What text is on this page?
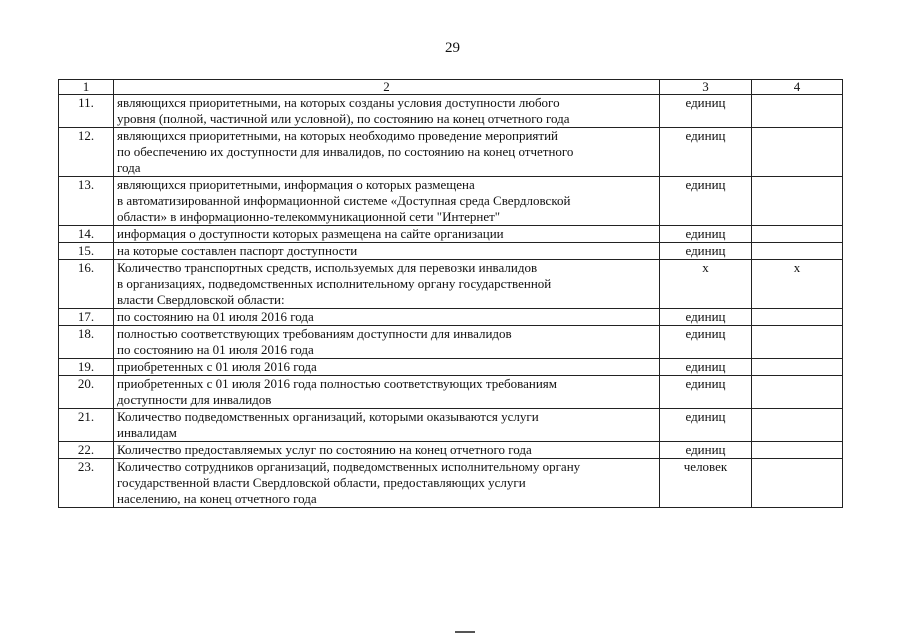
29
1	2	3	4
11.	являющихся приоритетными, на которых созданы условия доступности любого
уровня (полной, частичной или условной), по состоянию на конец отчетного года	единиц	
12.	являющихся приоритетными, на которых необходимо проведение мероприятий
по обеспечению их доступности для инвалидов, по состоянию на конец отчетного
года	единиц	
13.	являющихся приоритетными, информация о которых размещена
в автоматизированной информационной системе «Доступная среда Свердловской
области» в информационно-телекоммуникационной сети "Интернет"	единиц	
14.	информация о доступности которых размещена на сайте организации	единиц	
15.	на которые составлен паспорт доступности	единиц	
16.	Количество транспортных средств, используемых для перевозки инвалидов
в организациях, подведомственных исполнительному органу государственной
власти Свердловской области:	х	х
17.	по состоянию на 01 июля 2016 года	единиц	
18.	полностью соответствующих требованиям доступности для инвалидов
по состоянию на 01 июля 2016 года	единиц	
19.	приобретенных с 01 июля 2016 года	единиц	
20.	приобретенных с 01 июля 2016 года полностью соответствующих требованиям
доступности для инвалидов	единиц	
21.	Количество подведомственных организаций, которыми оказываются услуги
инвалидам	единиц	
22.	Количество предоставляемых услуг по состоянию на конец отчетного года	единиц	
23.	Количество сотрудников организаций, подведомственных исполнительному органу
государственной власти Свердловской области, предоставляющих услуги
населению, на конец отчетного года	человек	
